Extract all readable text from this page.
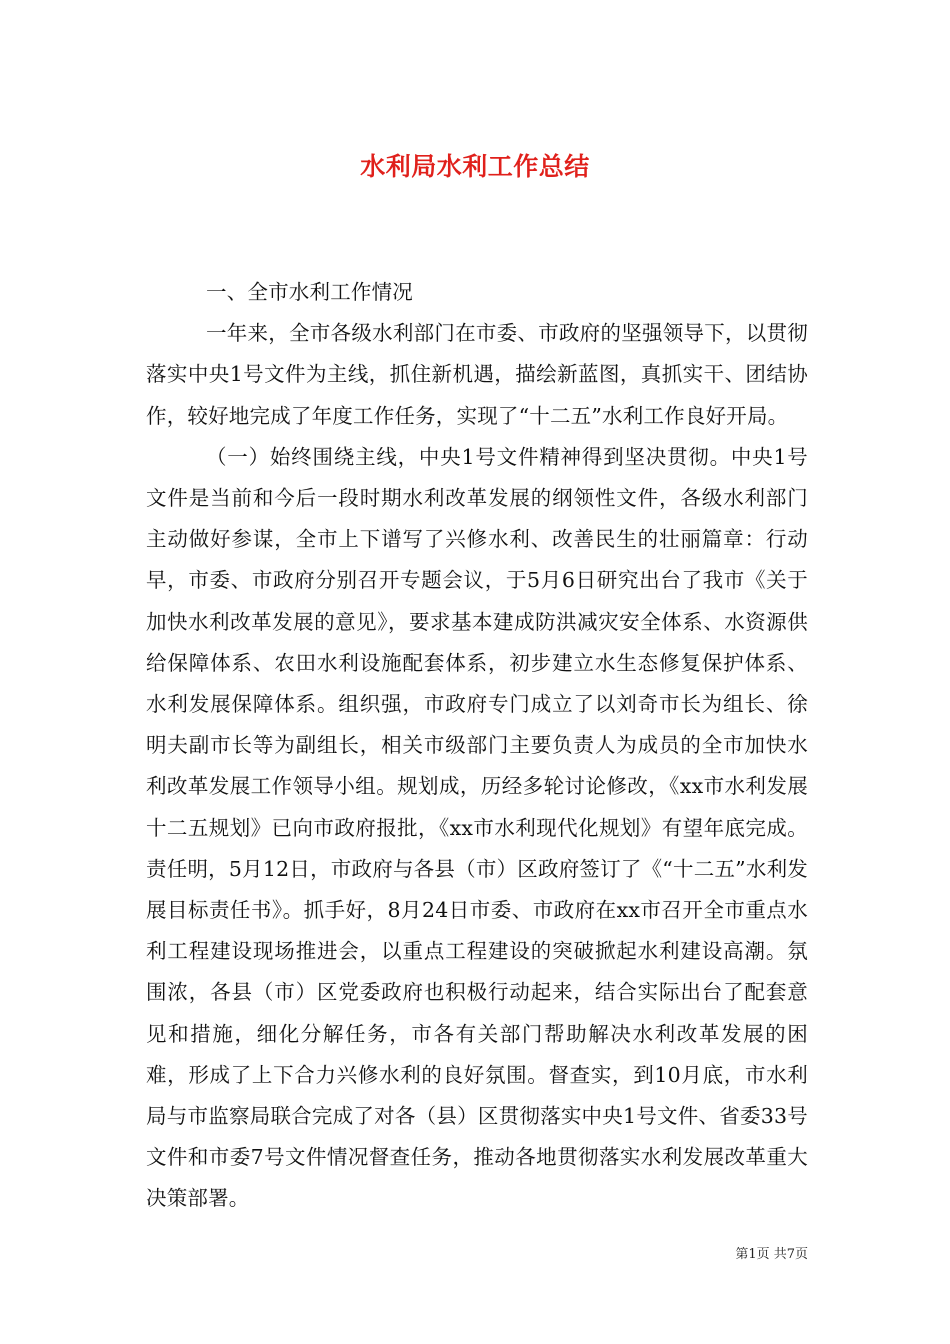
水利局水利工作总结

一、全市水利工作情况

一年来，全市各级水利部门在市委、市政府的坚强领导下，以贯彻落实中央1号文件为主线，抓住新机遇，描绘新蓝图，真抓实干、团结协作，较好地完成了年度工作任务，实现了“十二五”水利工作良好开局。

（一）始终围绕主线，中央1号文件精神得到坚决贯彻。中央1号文件是当前和今后一段时期水利改革发展的纲领性文件，各级水利部门主动做好参谋，全市上下谱写了兴修水利、改善民生的壮丽篇章：行动早，市委、市政府分别召开专题会议，于5月6日研究出台了我市《关于加快水利改革发展的意见》，要求基本建成防洪减灾安全体系、水资源供给保障体系、农田水利设施配套体系，初步建立水生态修复保护体系、水利发展保障体系。组织强，市政府专门成立了以刘奇市长为组长、徐明夫副市长等为副组长，相关市级部门主要负责人为成员的全市加快水利改革发展工作领导小组。规划成，历经多轮讨论修改，《xx市水利发展十二五规划》已向市政府报批，《xx市水利现代化规划》有望年底完成。责任明，5月12日，市政府与各县（市）区政府签订了《“十二五”水利发展目标责任书》。抓手好，8月24日市委、市政府在xx市召开全市重点水利工程建设现场推进会，以重点工程建设的突破掀起水利建设高潮。氛围浓，各县（市）区党委政府也积极行动起来，结合实际出台了配套意见和措施，细化分解任务，市各有关部门帮助解决水利改革发展的困难，形成了上下合力兴修水利的良好氛围。督查实，到10月底，市水利局与市监察局联合完成了对各（县）区贯彻落实中央1号文件、省委33号文件和市委7号文件情况督查任务，推动各地贯彻落实水利发展改革重大决策部署。

第1页 共7页
